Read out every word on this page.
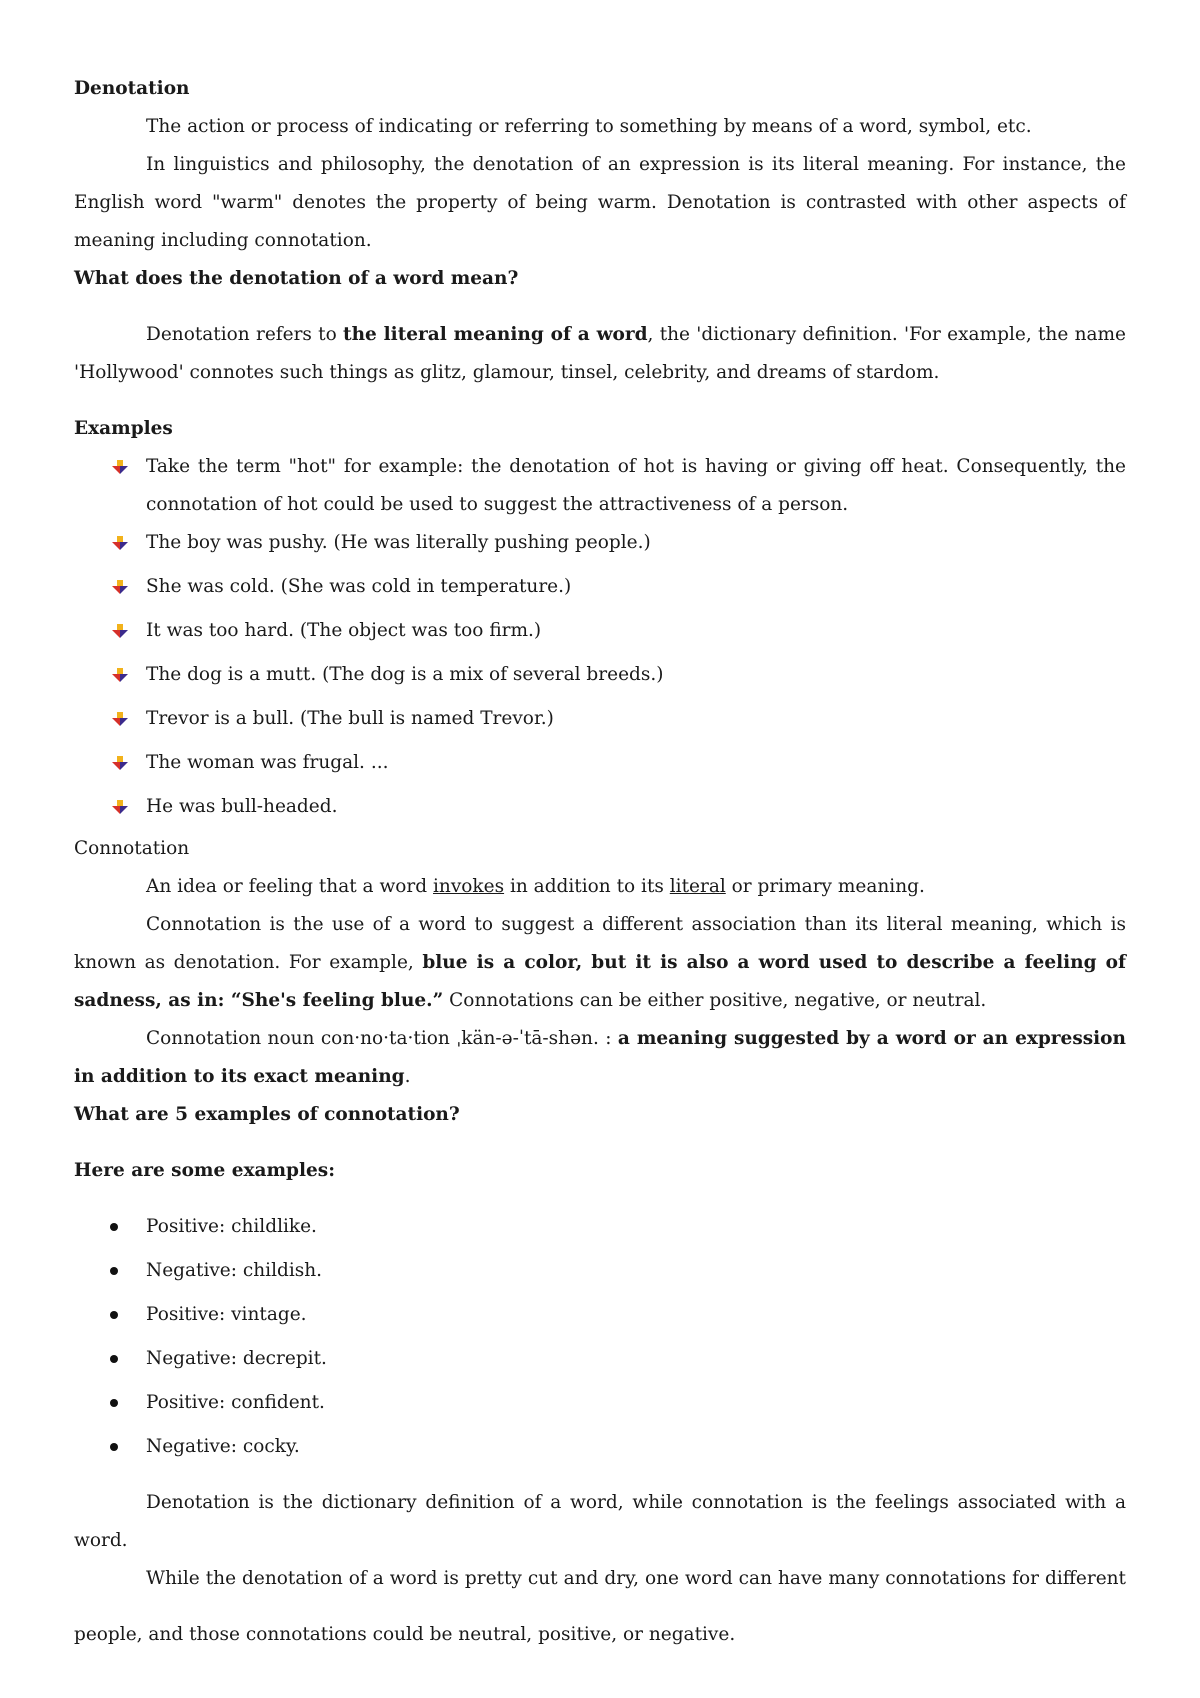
Denotation

The action or process of indicating or referring to something by means of a word, symbol, etc.

In linguistics and philosophy, the denotation of an expression is its literal meaning. For instance, the English word "warm" denotes the property of being warm. Denotation is contrasted with other aspects of meaning including connotation.

What does the denotation of a word mean?

Denotation refers to the literal meaning of a word, the 'dictionary definition. 'For example, the name 'Hollywood' connotes such things as glitz, glamour, tinsel, celebrity, and dreams of stardom.

Examples
Take the term "hot" for example: the denotation of hot is having or giving off heat. Consequently, the connotation of hot could be used to suggest the attractiveness of a person.
The boy was pushy. (He was literally pushing people.)
She was cold. (She was cold in temperature.)
It was too hard. (The object was too firm.)
The dog is a mutt. (The dog is a mix of several breeds.)
Trevor is a bull. (The bull is named Trevor.)
The woman was frugal. ...
He was bull-headed.
Connotation

An idea or feeling that a word invokes in addition to its literal or primary meaning.

Connotation is the use of a word to suggest a different association than its literal meaning, which is known as denotation. For example, blue is a color, but it is also a word used to describe a feeling of sadness, as in: “She's feeling blue.” Connotations can be either positive, negative, or neutral.

Connotation noun con·no·ta·tion ˌkän-ə-ˈtā-shən. : a meaning suggested by a word or an expression in addition to its exact meaning.

What are 5 examples of connotation?
Here are some examples:
Positive: childlike.
Negative: childish.
Positive: vintage.
Negative: decrepit.
Positive: confident.
Negative: cocky.

Denotation is the dictionary definition of a word, while connotation is the feelings associated with a word.

While the denotation of a word is pretty cut and dry, one word can have many connotations for different

people, and those connotations could be neutral, positive, or negative.
